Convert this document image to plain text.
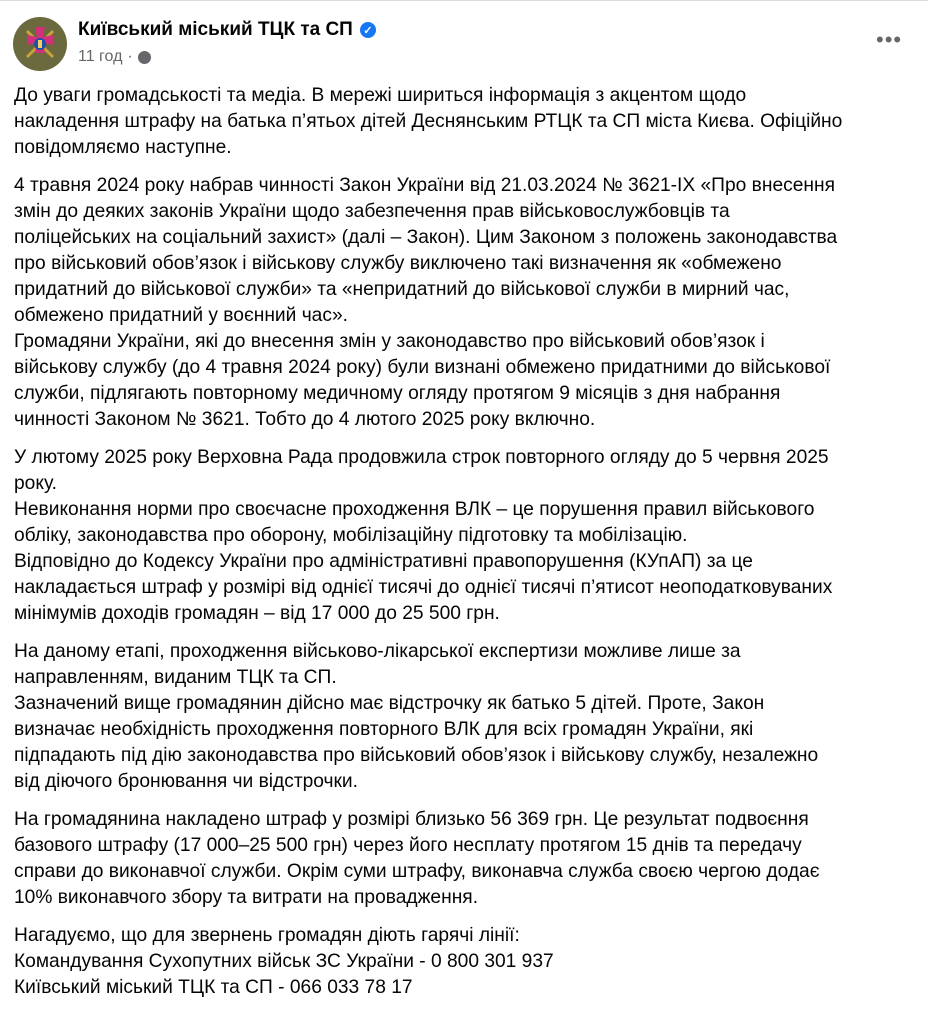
Київський міський ТЦК та СП ✓
11 год ·
•••
До уваги громадськості та медіа. В мережі шириться інформація з акцентом щодо
накладення штрафу на батька п’ятьох дітей Деснянським РТЦК та СП міста Києва. Офіційно
повідомляємо наступне.
4 травня 2024 року набрав чинності Закон України від 21.03.2024 № 3621-IX «Про внесення
змін до деяких законів України щодо забезпечення прав військовослужбовців та
поліцейських на соціальний захист» (далі – Закон). Цим Законом з положень законодавства
про військовий обов’язок і військову службу виключено такі визначення як «обмежено
придатний до військової служби» та «непридатний до військової служби в мирний час,
обмежено придатний у воєнний час».
Громадяни України, які до внесення змін у законодавство про військовий обов’язок і
військову службу (до 4 травня 2024 року) були визнані обмежено придатними до військової
служби, підлягають повторному медичному огляду протягом 9 місяців з дня набрання
чинності Законом № 3621. Тобто до 4 лютого 2025 року включно.
У лютому 2025 року Верховна Рада продовжила строк повторного огляду до 5 червня 2025
року.
Невиконання норми про своєчасне проходження ВЛК – це порушення правил військового
обліку, законодавства про оборону, мобілізаційну підготовку та мобілізацію.
Відповідно до Кодексу України про адміністративні правопорушення (КУпАП) за це
накладається штраф у розмірі від однієї тисячі до однієї тисячі п’ятисот неоподатковуваних
мінімумів доходів громадян – від 17 000 до 25 500 грн.
На даному етапі, проходження військово-лікарської експертизи можливе лише за
направленням, виданим ТЦК та СП.
Зазначений вище громадянин дійсно має відстрочку як батько 5 дітей. Проте, Закон
визначає необхідність проходження повторного ВЛК для всіх громадян України, які
підпадають під дію законодавства про військовий обов’язок і військову службу, незалежно
від діючого бронювання чи відстрочки.
На громадянина накладено штраф у розмірі близько 56 369 грн. Це результат подвоєння
базового штрафу (17 000–25 500 грн) через його несплату протягом 15 днів та передачу
справи до виконавчої служби. Окрім суми штрафу, виконавча служба своєю чергою додає
10% виконавчого збору та витрати на провадження.
Нагадуємо, що для звернень громадян діють гарячі лінії:
Командування Сухопутних військ ЗС України - 0 800 301 937
Київський міський ТЦК та СП - 066 033 78 17
